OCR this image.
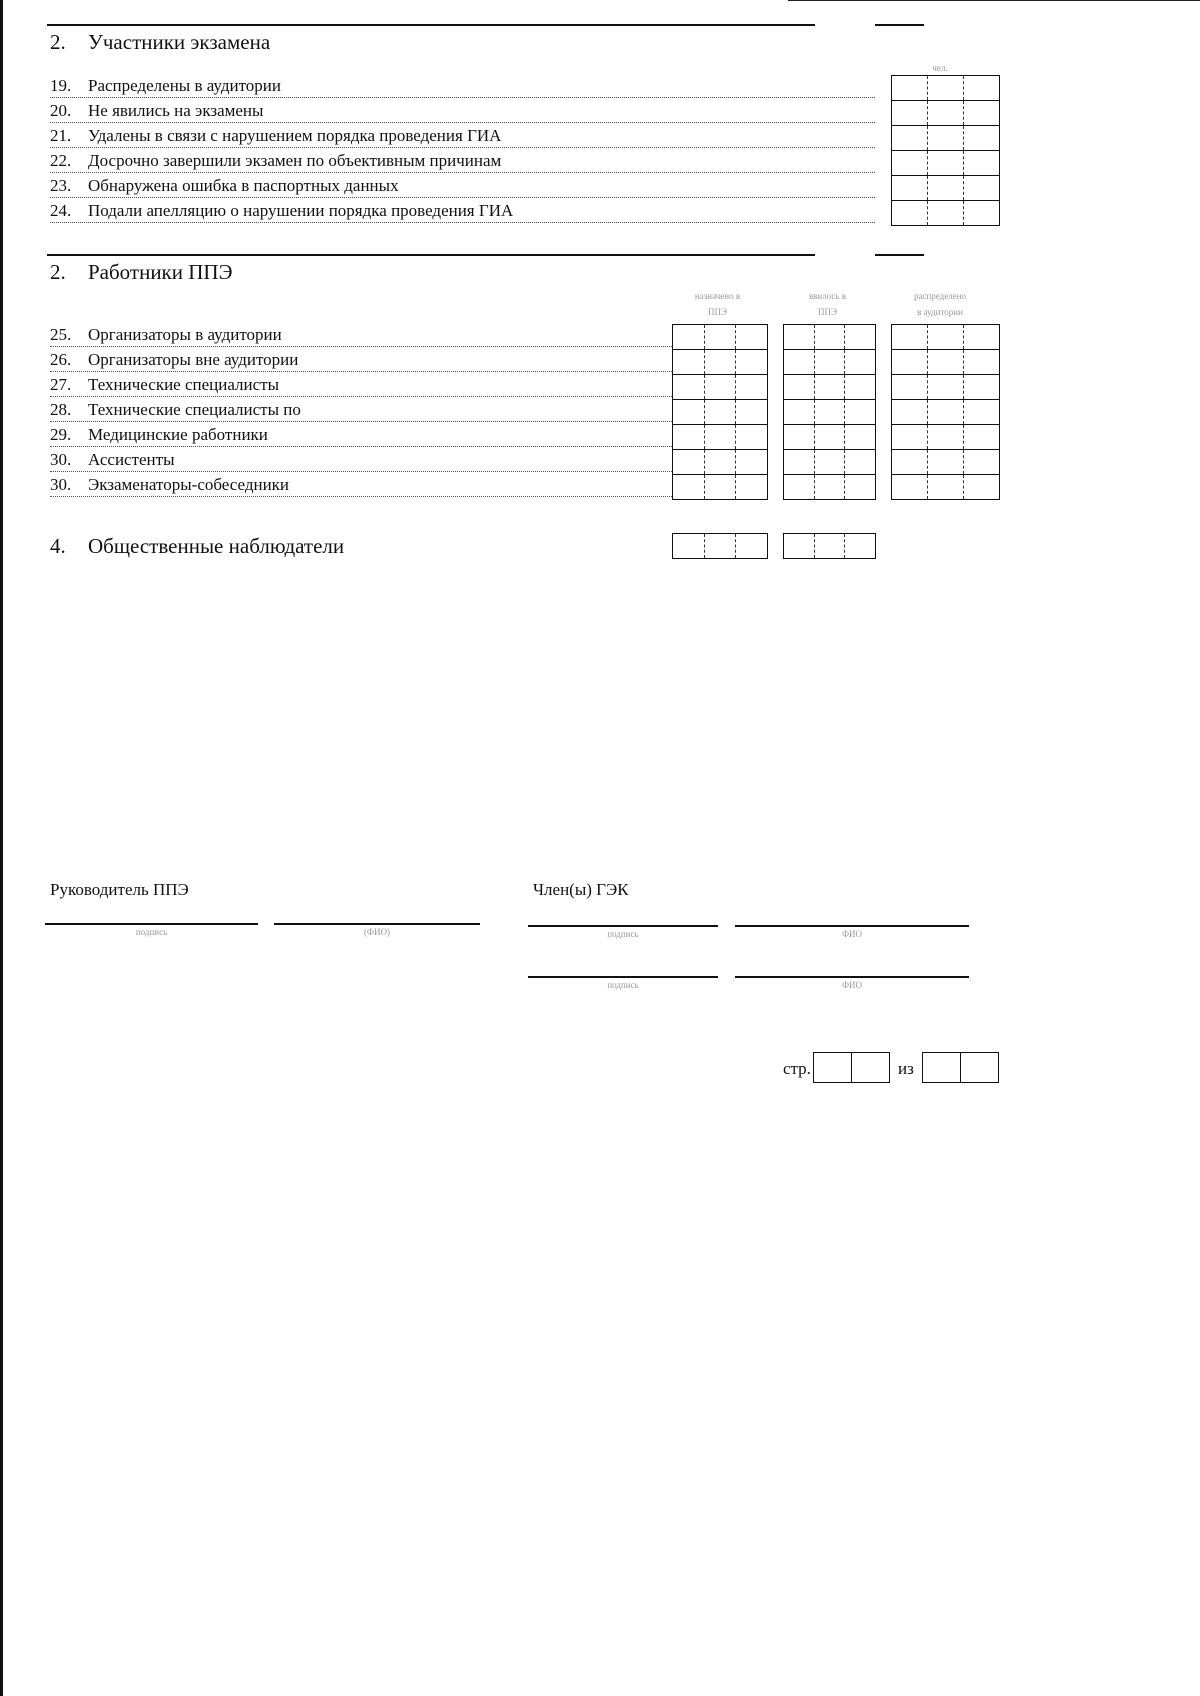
2. Участники экзамена
чел.
19. Распределены в аудитории
20. Не явились на экзамены
21. Удалены в связи с нарушением порядка проведения ГИА
22. Досрочно завершили экзамен по объективным причинам
23. Обнаружена ошибка в паспортных данных
24. Подали апелляцию о нарушении порядка проведения ГИА
2. Работники ППЭ
назначено в
ППЭ
явилось в
ППЭ
распределено
в аудитории
25. Организаторы в аудитории
26. Организаторы вне аудитории
27. Технические специалисты
28. Технические специалисты по
29. Медицинские работники
30. Ассистенты
30. Экзаменаторы-собеседники
4. Общественные наблюдатели
Руководитель ППЭ
подпись	(ФИО)
Член(ы) ГЭК
подпись	ФИО
подпись	ФИО
стр.	из
